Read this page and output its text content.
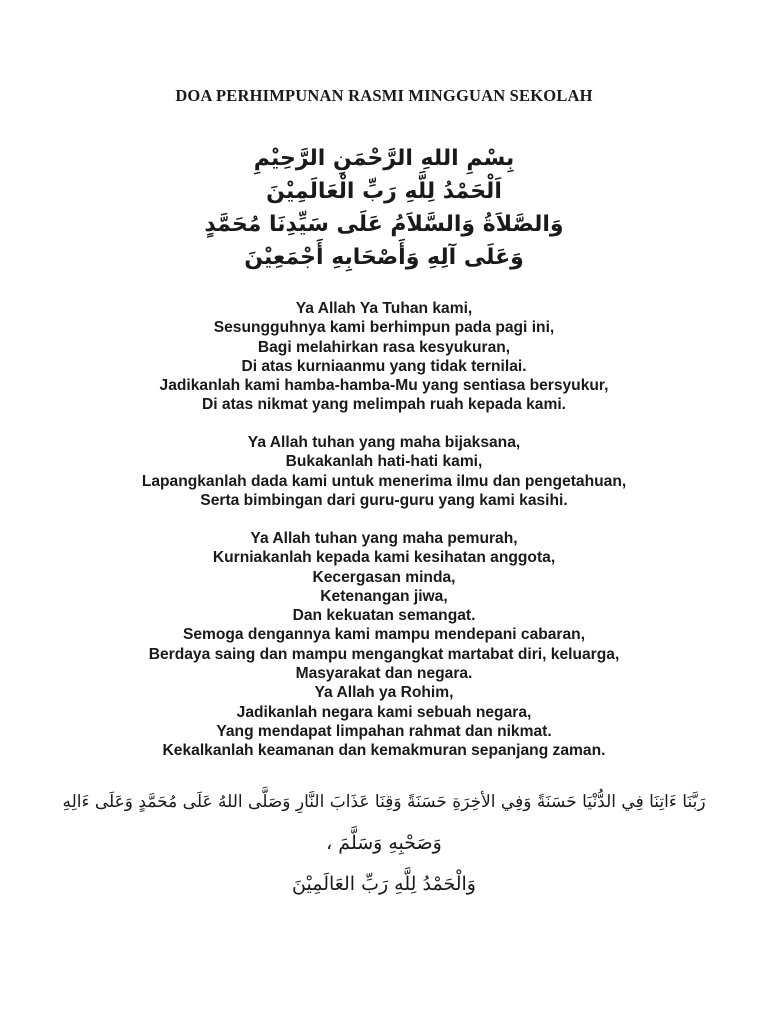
DOA PERHIMPUNAN RASMI MINGGUAN SEKOLAH
بِسْمِ اللهِ الرَّحْمَنِ الرَّحِيْمِ
اَلْحَمْدُ لِلَّهِ رَبِّ الْعَالَمِيْنَ
وَالصَّلاَةُ وَالسَّلاَمُ عَلَى سَيِّدِنَا مُحَمَّدٍ
وَعَلَى آلِهِ وَأَصْحَابِهِ أَجْمَعِيْنَ
Ya Allah Ya Tuhan kami,
Sesungguhnya kami berhimpun pada pagi ini,
Bagi melahirkan rasa kesyukuran,
Di atas kurniaanmu yang tidak ternilai.
Jadikanlah kami hamba-hamba-Mu yang sentiasa bersyukur,
Di atas nikmat yang melimpah ruah kepada kami.
Ya Allah tuhan yang maha bijaksana,
Bukakanlah hati-hati kami,
Lapangkanlah dada kami untuk menerima ilmu dan pengetahuan,
Serta bimbingan dari guru-guru yang kami kasihi.
Ya Allah tuhan yang maha pemurah,
Kurniakanlah kepada kami kesihatan anggota,
Kecergasan minda,
Ketenangan jiwa,
Dan kekuatan semangat.
Semoga dengannya kami mampu mendepani cabaran,
Berdaya saing dan mampu mengangkat martabat diri, keluarga,
Masyarakat dan negara.
Ya Allah ya Rohim,
Jadikanlah negara kami sebuah negara,
Yang mendapat limpahan rahmat dan nikmat.
Kekalkanlah keamanan dan kemakmuran sepanjang zaman.
رَبَّنَا ءَاتِنَا فِي الدُّنْيَا حَسَنَةً وَفِي الأخِرَةِ حَسَنَةً وَقِنَا عَذَابَ النَّارِ وَصَلَّى اللهُ عَلَى مُحَمَّدٍ وَعَلَى ءَالِهِ
وَصَحْبِهِ وَسَلَّمَ ،
وَالْحَمْدُ لِلَّهِ رَبِّ العَالَمِيْنَ
